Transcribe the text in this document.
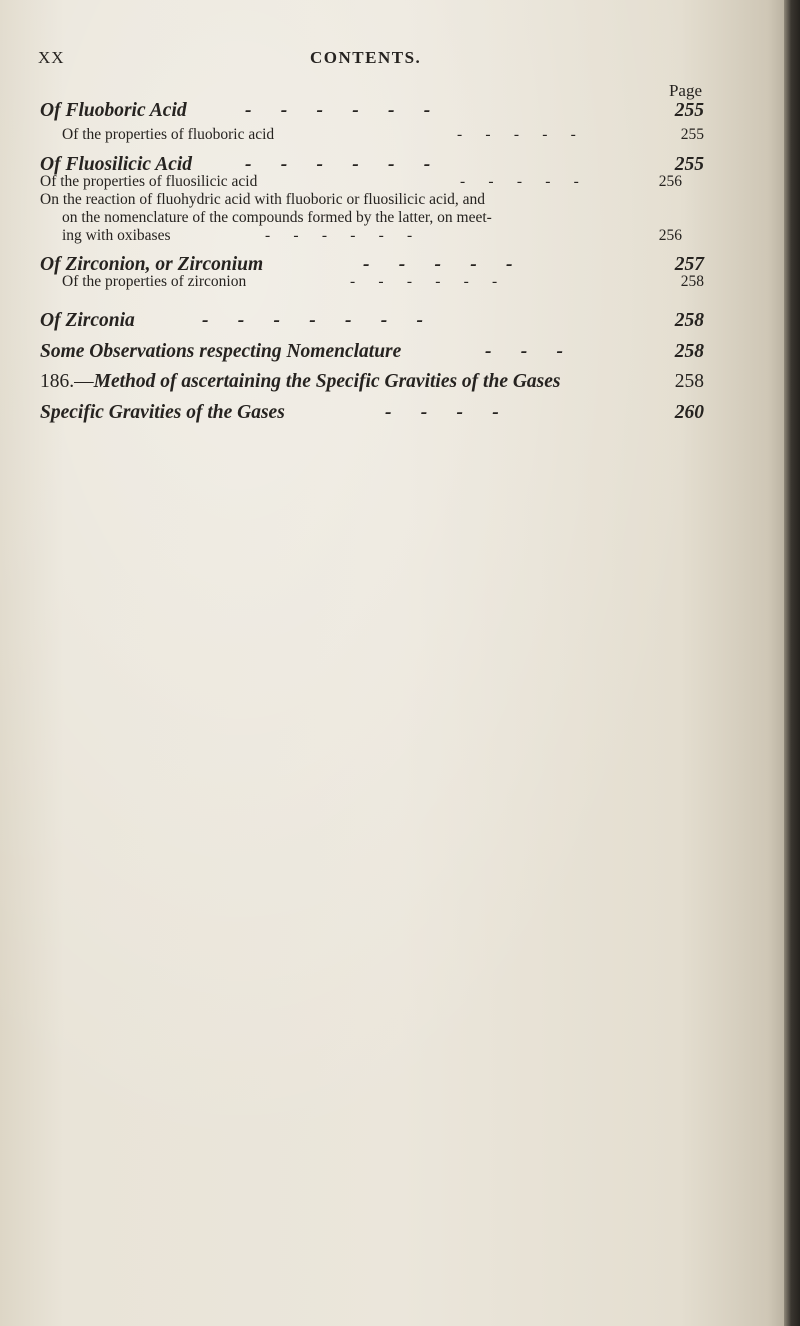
XX	CONTENTS.
Page
Of Fluoboric Acid	-      -      -      -      -      -	255
Of the properties of fluoboric acid	-      -      -      -      -	255
Of Fluosilicic Acid	-      -      -      -      -      -	255
Of the properties of fluosilicic acid	-      -      -      -      -	256
On the reaction of fluohydric acid with fluoboric or fluosilicic acid, and
on the nomenclature of the compounds formed by the latter, on meet-
ing with oxibases	-      -      -      -      -      -	256
Of Zirconion, or Zirconium	-      -      -      -      -	257
Of the properties of zirconion	-      -      -      -      -      -	258
Of Zirconia	-      -      -      -      -      -      -	258
Some Observations respecting Nomenclature	-      -      -	258
186.—Method of ascertaining the Specific Gravities of the Gases	258
Specific Gravities of the Gases	-      -      -      -	260
